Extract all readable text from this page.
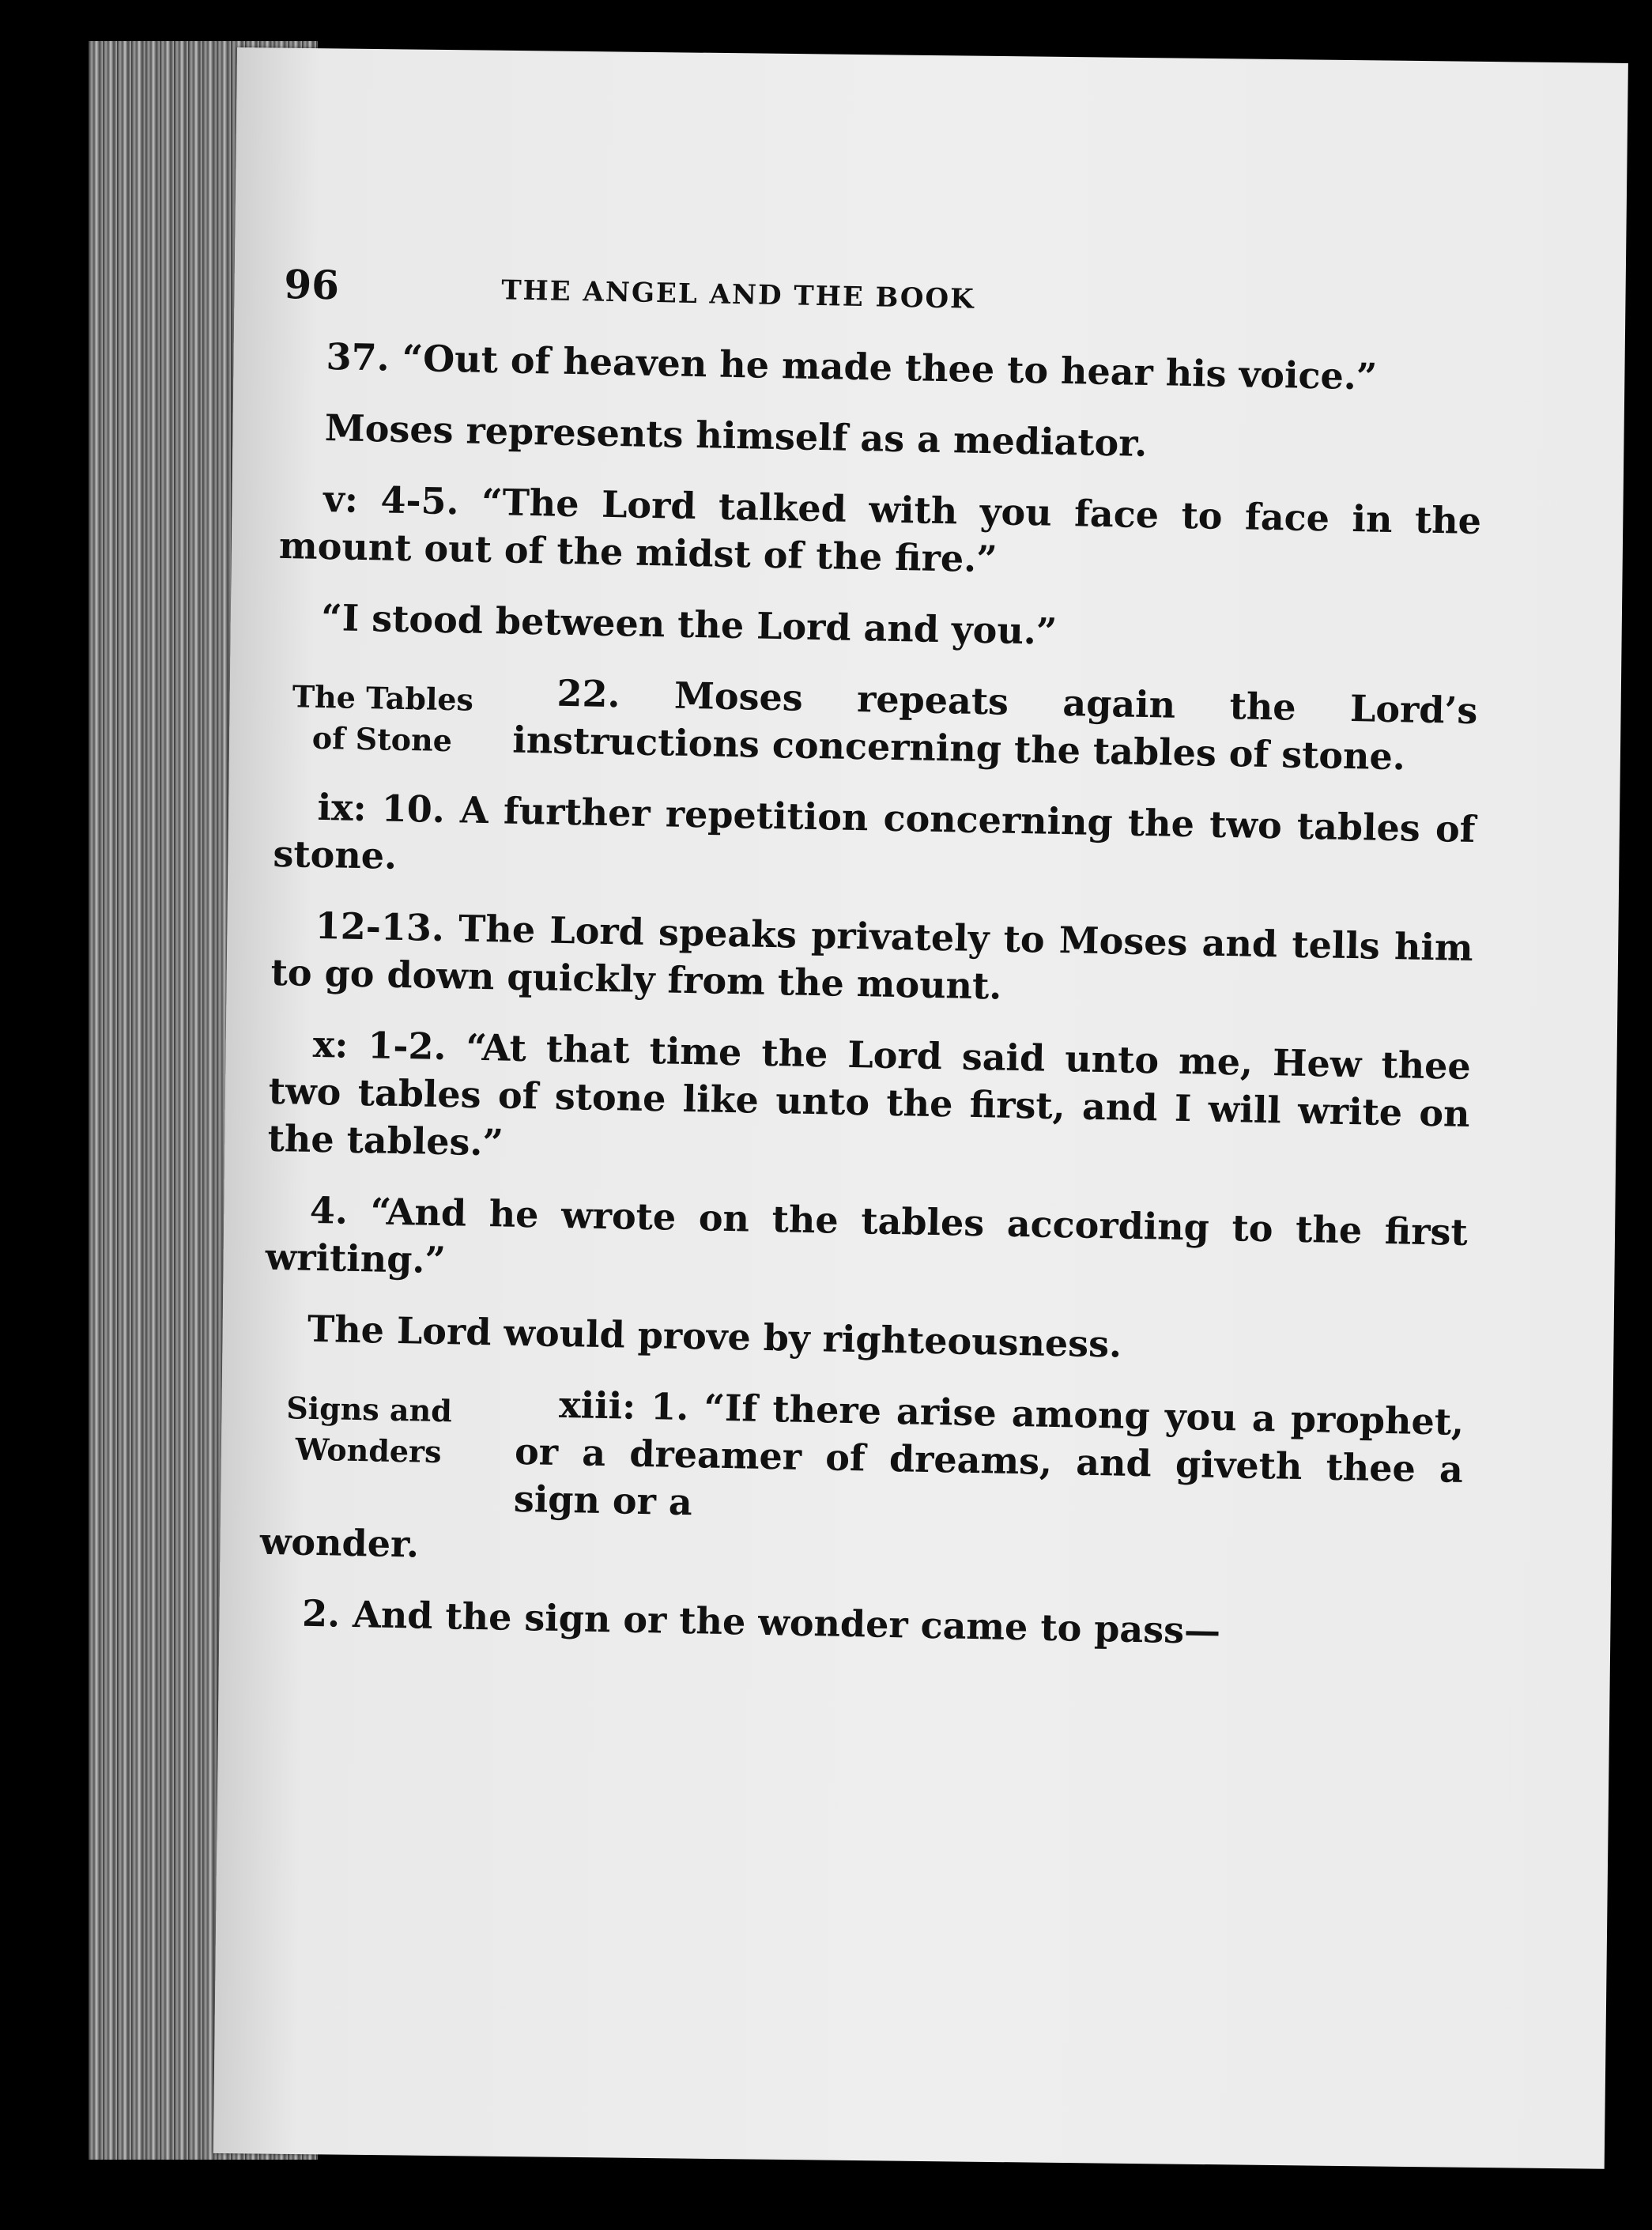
96	THE ANGEL AND THE BOOK

37. “Out of heaven he made thee to hear his voice.”

Moses represents himself as a mediator.

v: 4-5. “The Lord talked with you face to face in the mount out of the midst of the fire.”

“I stood between the Lord and you.”

The Tables of Stone

22. Moses repeats again the Lord’s instructions concerning the tables of stone.

ix: 10. A further repetition concerning the two tables of stone.

12-13. The Lord speaks privately to Moses and tells him to go down quickly from the mount.

x: 1-2. “At that time the Lord said unto me, Hew thee two tables of stone like unto the first, and I will write on the tables.”

4. “And he wrote on the tables according to the first writing.”

The Lord would prove by righteousness.

Signs and Wonders

xiii: 1. “If there arise among you a prophet, or a dreamer of dreams, and giveth thee a sign or a

wonder.

2. And the sign or the wonder came to pass—
